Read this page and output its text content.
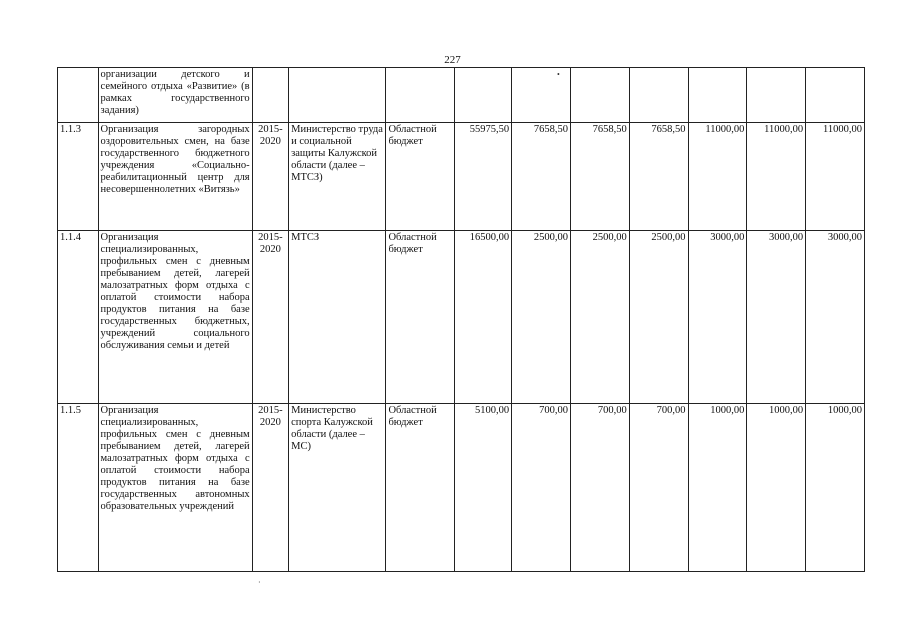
227
	организации детского и семейного отдыха «Развитие» (в рамках государственного задания)										
1.1.3	Организация загородных оздоровительных смен, на базе государственного бюджетного учреждения «Социально-реабилитационный центр для несовершеннолетних «Витязь»	2015-2020	Министерство труда и социальной защиты Калужской области (далее – МТСЗ)	Областной бюджет	55975,50	7658,50	7658,50	7658,50	11000,00	11000,00	11000,00
1.1.4	Организация специализированных, профильных смен с дневным пребыванием детей, лагерей малозатратных форм отдыха с оплатой стоимости набора продуктов питания на базе государственных бюджетных, учреждений социального обслуживания семьи и детей	2015-2020	МТСЗ	Областной бюджет	16500,00	2500,00	2500,00	2500,00	3000,00	3000,00	3000,00
1.1.5	Организация специализированных, профильных смен с дневным пребыванием детей, лагерей малозатратных форм отдыха с оплатой стоимости набора продуктов питания на базе государственных автономных образовательных учреждений	2015-2020	Министерство спорта Калужской области (далее – МС)	Областной бюджет	5100,00	700,00	700,00	700,00	1000,00	1000,00	1000,00
•
·
